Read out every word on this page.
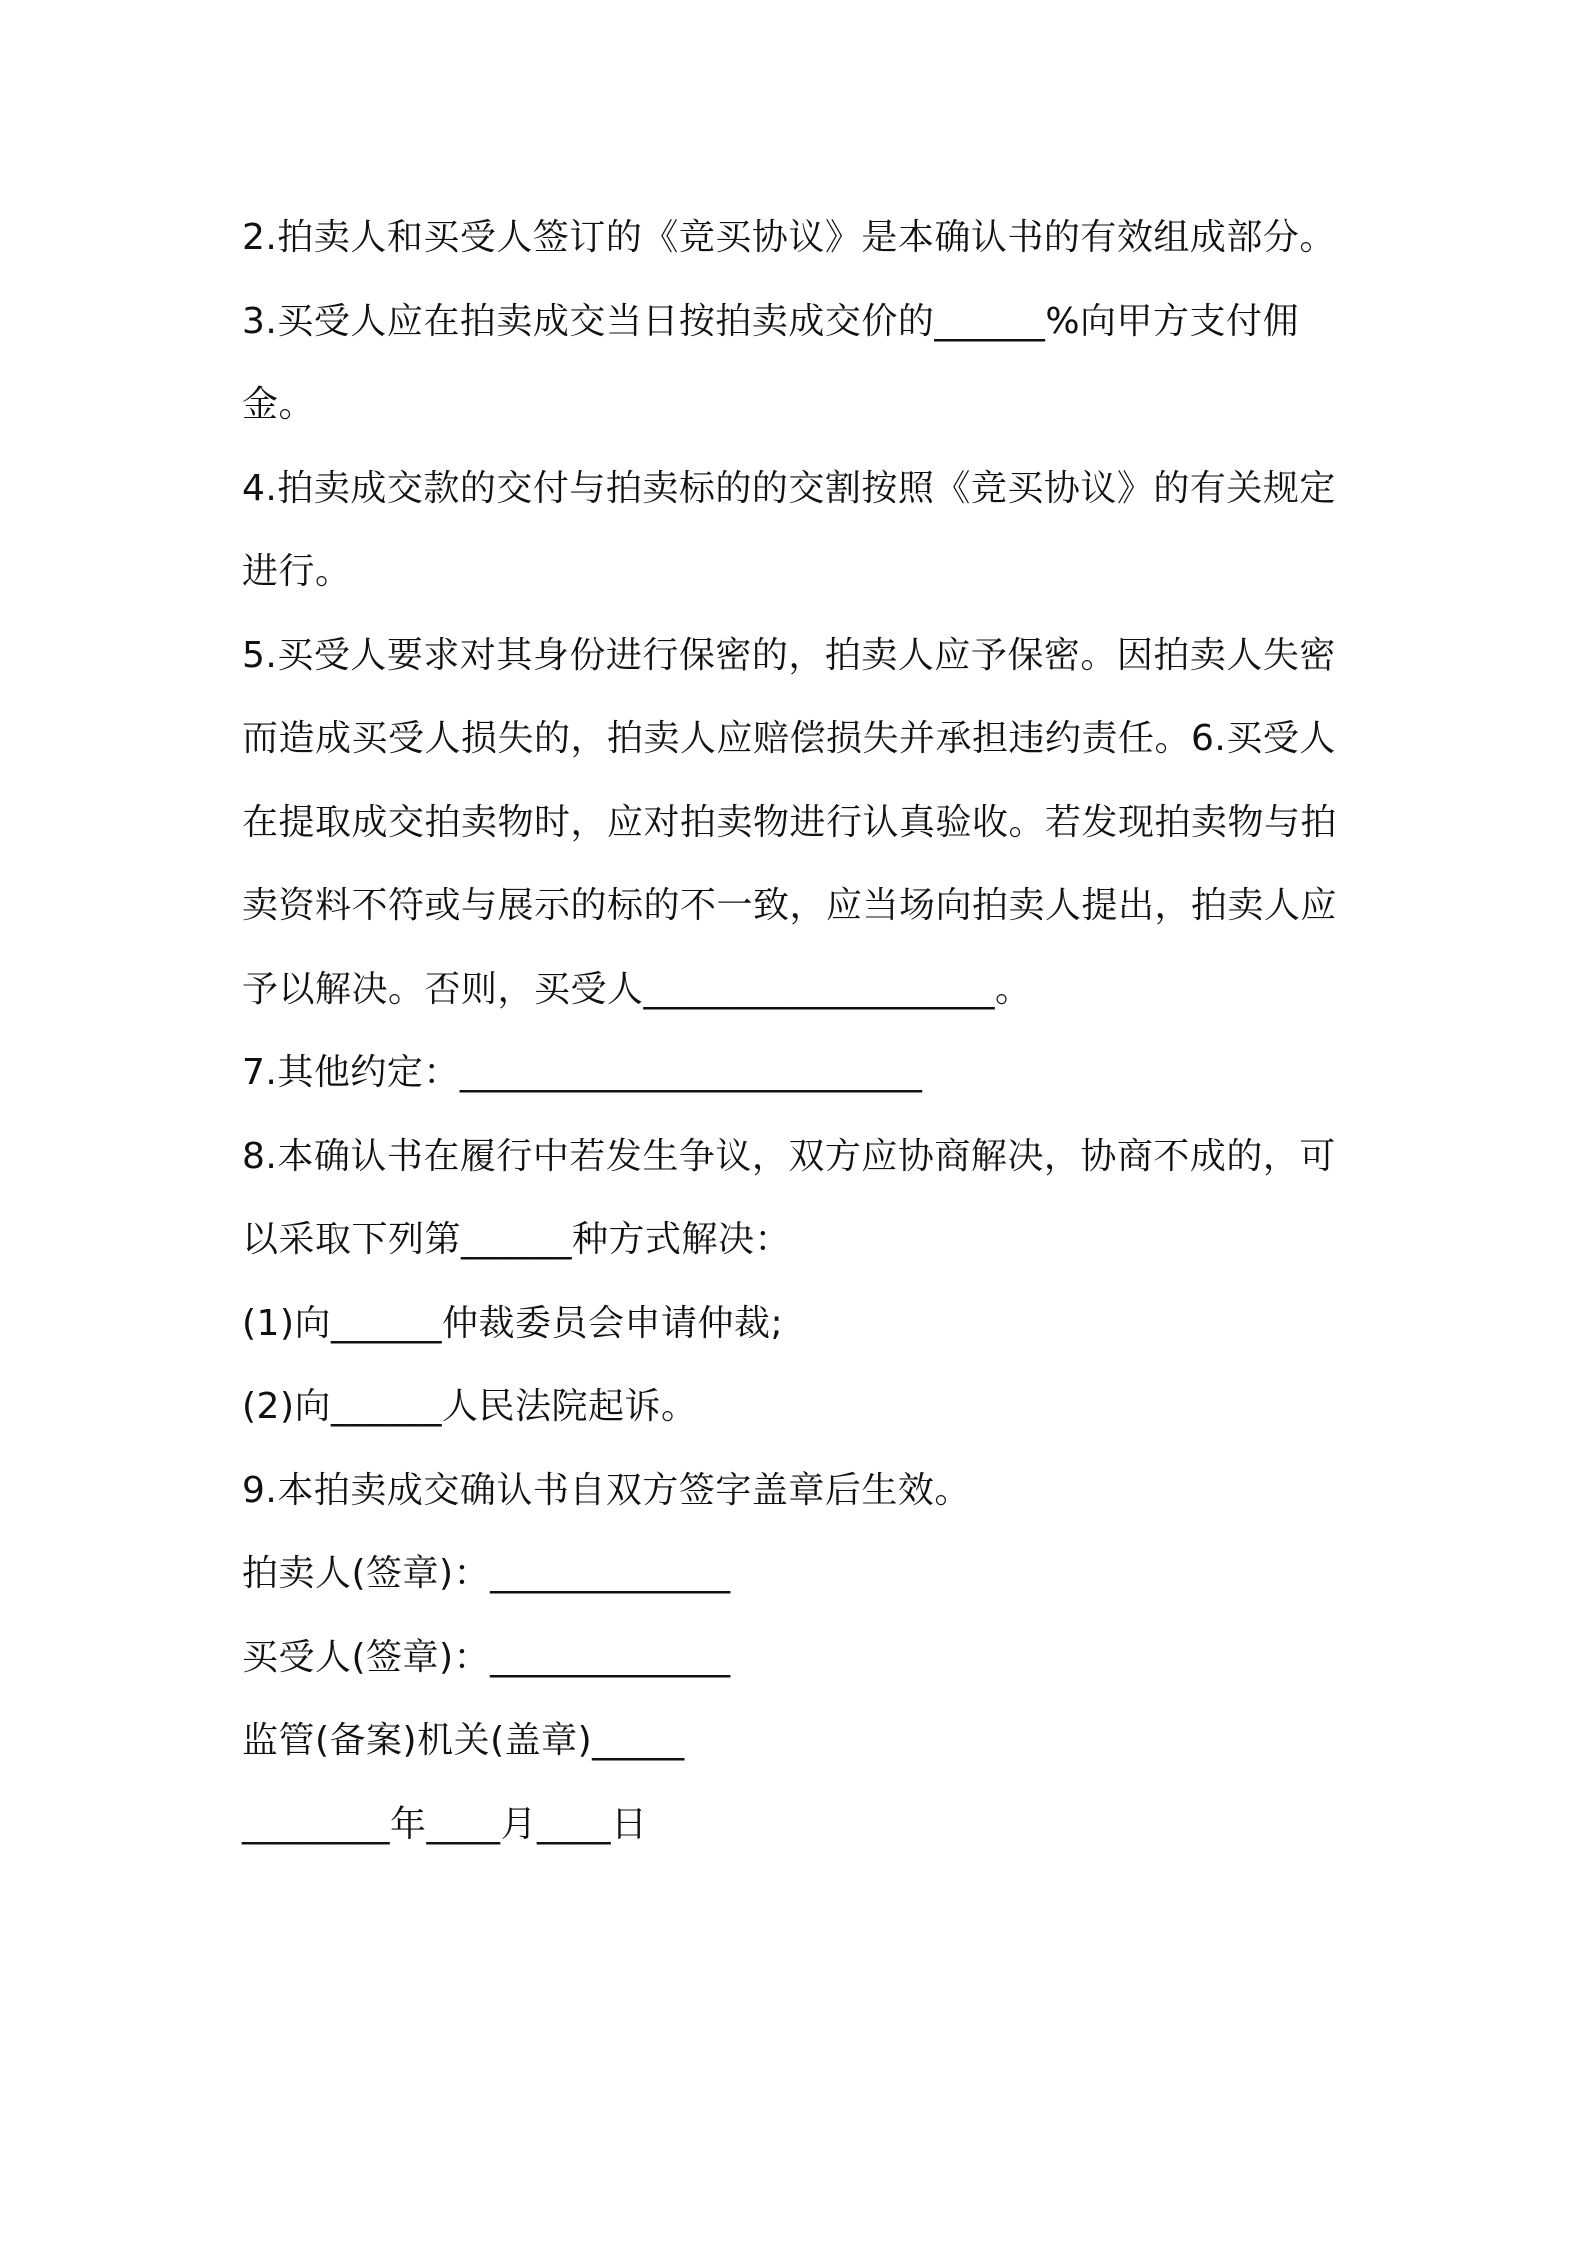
2.拍卖人和买受人签订的《竞买协议》是本确认书的有效组成部分。
3.买受人应在拍卖成交当日按拍卖成交价的______%向甲方支付佣
金。
4.拍卖成交款的交付与拍卖标的的交割按照《竞买协议》的有关规定
进行。
5.买受人要求对其身份进行保密的，拍卖人应予保密。因拍卖人失密
而造成买受人损失的，拍卖人应赔偿损失并承担违约责任。6.买受人
在提取成交拍卖物时，应对拍卖物进行认真验收。若发现拍卖物与拍
卖资料不符或与展示的标的不一致，应当场向拍卖人提出，拍卖人应
予以解决。否则，买受人___________________。
7.其他约定：_________________________
8.本确认书在履行中若发生争议，双方应协商解决，协商不成的，可
以采取下列第______种方式解决：
(1)向______仲裁委员会申请仲裁;
(2)向______人民法院起诉。
9.本拍卖成交确认书自双方签字盖章后生效。
拍卖人(签章)：_____________
买受人(签章)：_____________
监管(备案)机关(盖章)_____
________年____月____日
